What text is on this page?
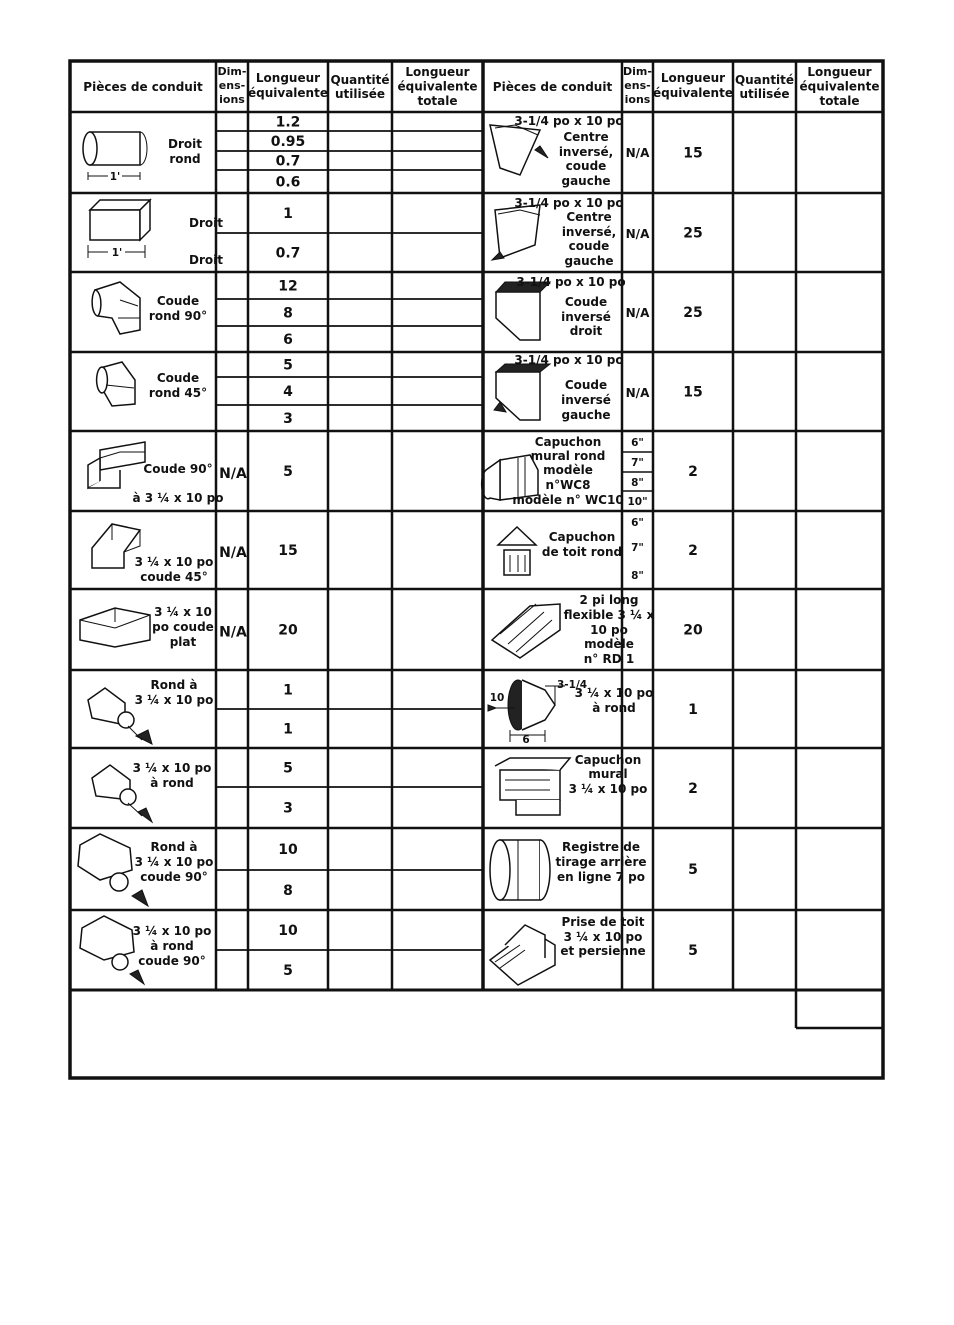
Pièces de conduit
Dim-
ens-
ions
Longueur
équivalente
Quantité
utilisée
Longueur
équivalente
totale
Pièces de conduit
Dim-
ens-
ions
Longueur
équivalente
Quantité
utilisée
Longueur
équivalente
totale
1.2
0.95
0.7
0.6
1
0.7
12
8
6
5
4
3
5
N/A
15
N/A
20
N/A
1
1
5
3
10
8
10
5
Droit
rond
Droit
Droit
Coude
rond 90°
Coude
rond 45°
Coude 90°
à 3 ¼ x 10 po
3 ¼ x 10 po
coude 45°
3 ¼ x 10
po coude
plat
Rond à
3 ¼ x 10 po
3 ¼ x 10 po
à rond
Rond à
3 ¼ x 10 po
coude 90°
3 ¼ x 10 po
à rond
coude 90°
15
N/A
25
N/A
25
N/A
15
N/A
2
6"
7"
8"
10"
2
6"
7"
8"
20
1
2
5
5
3-1/4 po x 10 po
Centre
inversé,
coude
gauche
3-1/4 po x 10 po
Centre
inversé,
coude
gauche
3-1/4 po x 10 po
Coude
inversé
droit
3-1/4 po x 10 po
Coude
inversé
gauche
Capuchon
mural rond
modèle
n°WC8
modèle n° WC10
Capuchon
de toit rond
2 pi long
flexible 3 ¼ x
10 po
modèle
n° RD 1
3 ¼ x 10 po
à rond
Capuchon
mural
3 ¼ x 10 po
Registre de
tirage arrière
en ligne 7 po
Prise de toit
3 ¼ x 10 po
et persienne
1'
1'
3-1/4
10
6
